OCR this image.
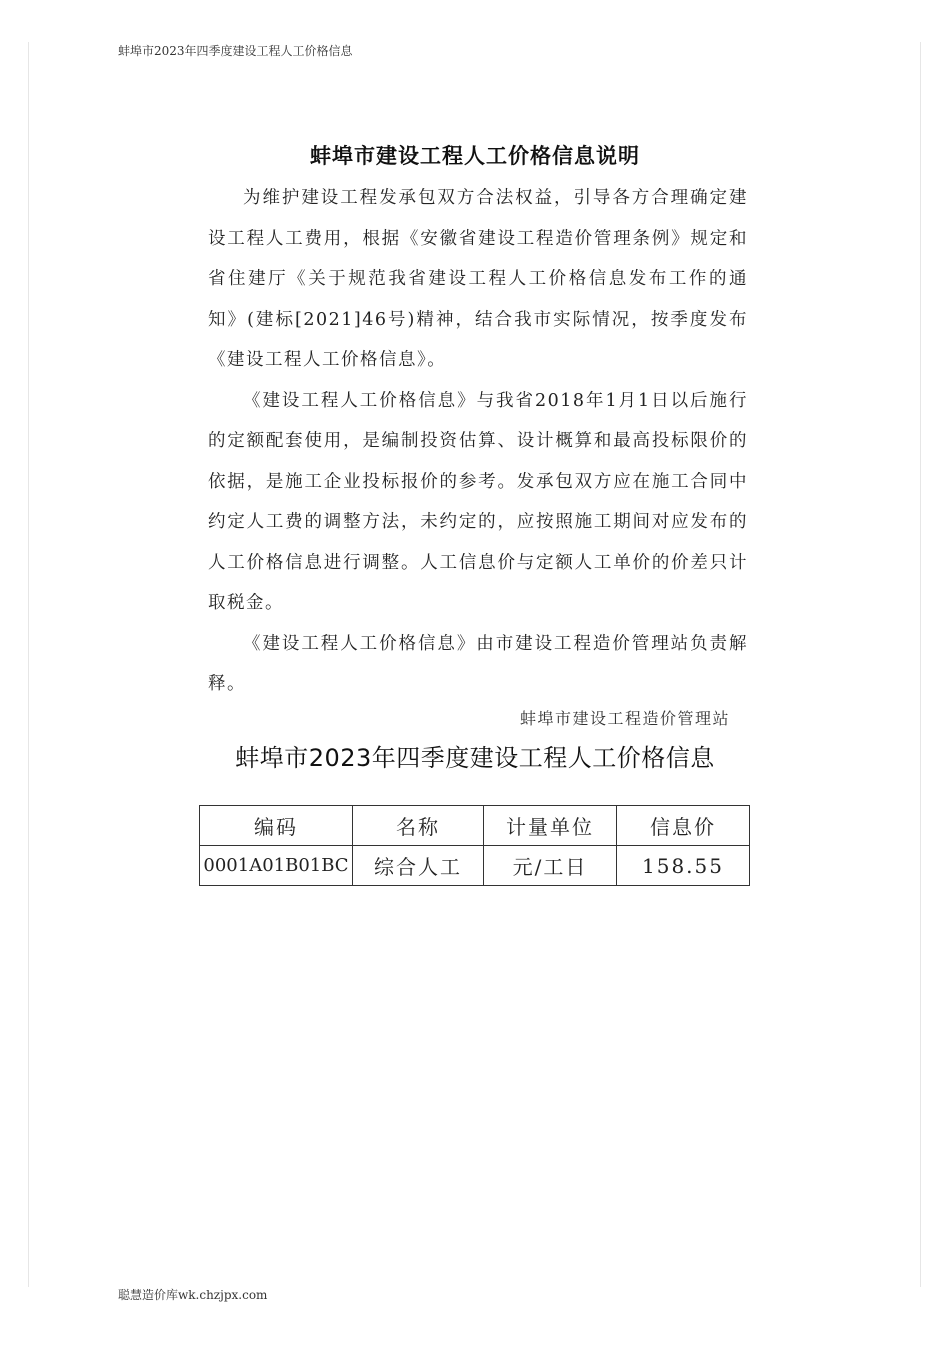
蚌埠市2023年四季度建设工程人工价格信息
蚌埠市建设工程人工价格信息说明

为维护建设工程发承包双方合法权益，引导各方合理确定建设工程人工费用，根据《安徽省建设工程造价管理条例》规定和省住建厅《关于规范我省建设工程人工价格信息发布工作的通知》(建标[2021]46号)精神，结合我市实际情况，按季度发布《建设工程人工价格信息》。

《建设工程人工价格信息》与我省2018年1月1日以后施行的定额配套使用，是编制投资估算、设计概算和最高投标限价的依据，是施工企业投标报价的参考。发承包双方应在施工合同中约定人工费的调整方法，未约定的，应按照施工期间对应发布的人工价格信息进行调整。人工信息价与定额人工单价的价差只计取税金。

《建设工程人工价格信息》由市建设工程造价管理站负责解释。

蚌埠市建设工程造价管理站
蚌埠市2023年四季度建设工程人工价格信息
编码	名称	计量单位	信息价
0001A01B01BC	综合人工	元/工日	158.55
聪慧造价库wk.chzjpx.com
